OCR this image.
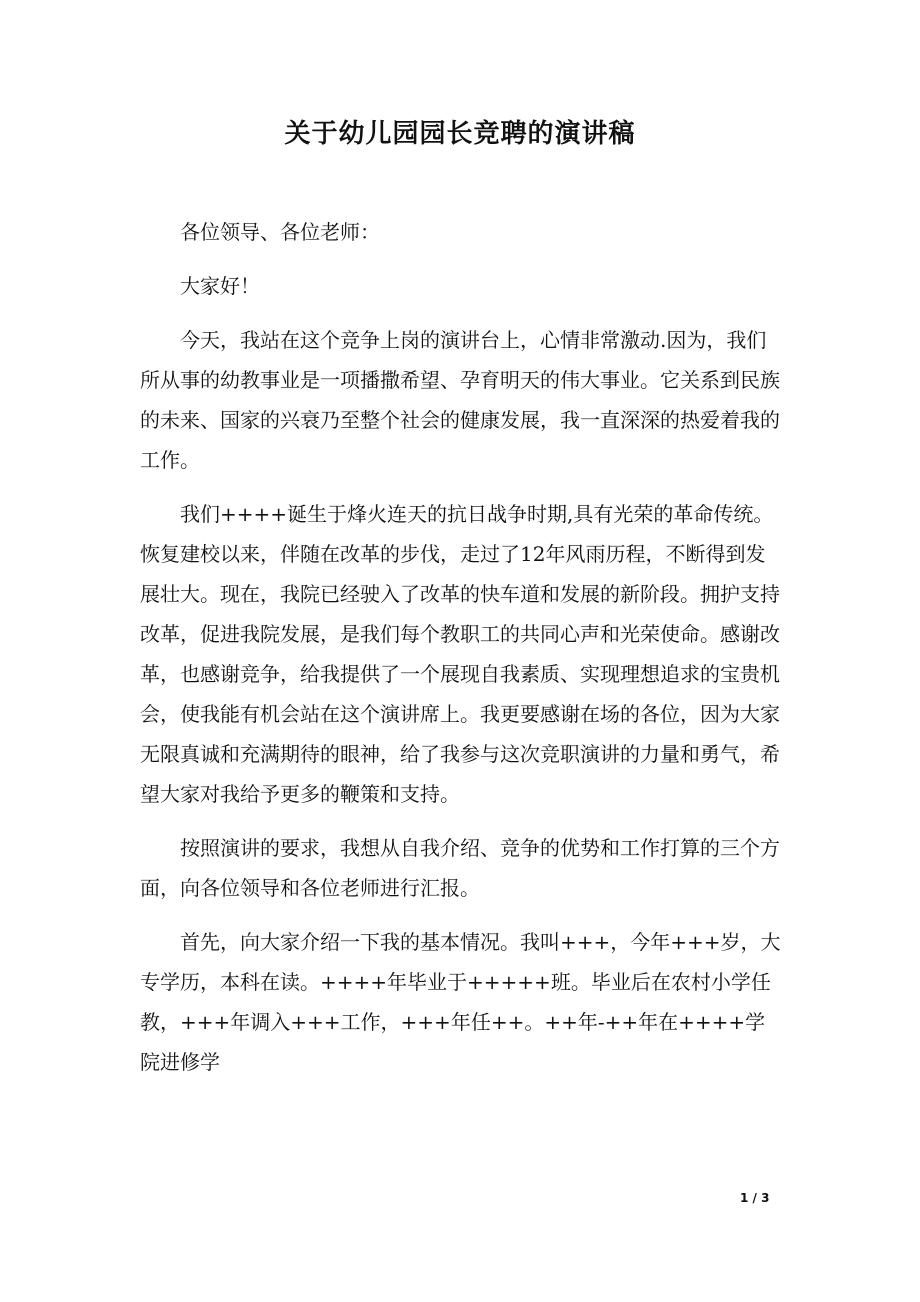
关于幼儿园园长竞聘的演讲稿

各位领导、各位老师：

大家好！

今天，我站在这个竞争上岗的演讲台上，心情非常激动.因为，我们所从事的幼教事业是一项播撒希望、孕育明天的伟大事业。它关系到民族的未来、国家的兴衰乃至整个社会的健康发展，我一直深深的热爱着我的工作。

我们++++诞生于烽火连天的抗日战争时期,具有光荣的革命传统。恢复建校以来，伴随在改革的步伐，走过了12年风雨历程，不断得到发展壮大。现在，我院已经驶入了改革的快车道和发展的新阶段。拥护支持改革，促进我院发展，是我们每个教职工的共同心声和光荣使命。感谢改革，也感谢竞争，给我提供了一个展现自我素质、实现理想追求的宝贵机会，使我能有机会站在这个演讲席上。我更要感谢在场的各位，因为大家无限真诚和充满期待的眼神，给了我参与这次竞职演讲的力量和勇气，希望大家对我给予更多的鞭策和支持。

按照演讲的要求，我想从自我介绍、竞争的优势和工作打算的三个方面，向各位领导和各位老师进行汇报。

首先，向大家介绍一下我的基本情况。我叫+++，今年+++岁，大专学历，本科在读。++++年毕业于+++++班。毕业后在农村小学任教，+++年调入+++工作，+++年任++。++年-++年在++++学院进修学

1 / 3
